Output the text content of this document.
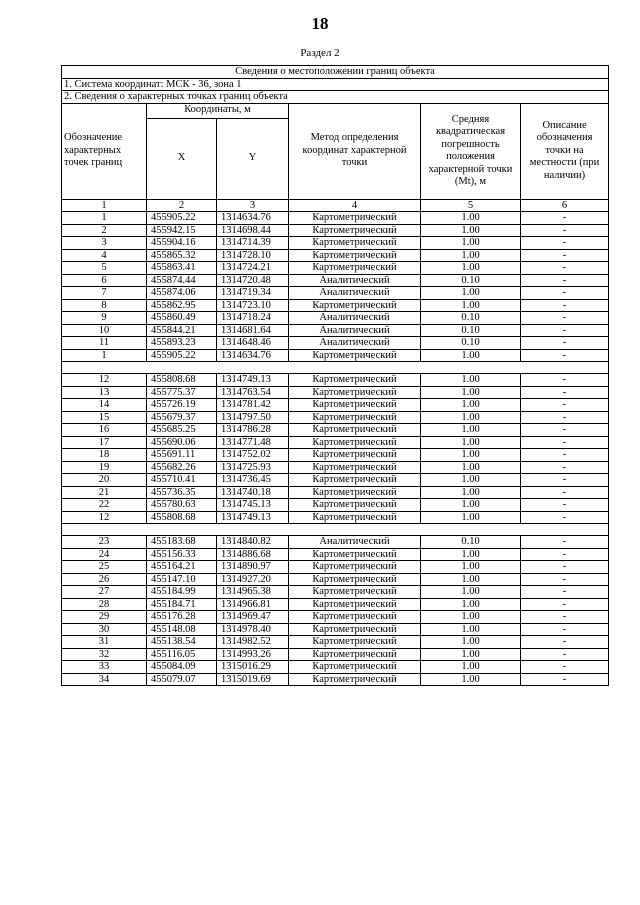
18
Раздел 2
Сведения о местоположении границ объекта					
1. Система координат: МСК - 36, зона 1					
2. Сведения о характерных точках границ объекта					
Обозначение характерных точек границ	Координаты, м		Метод определения координат характерной точки	Средняя квадратическая погрешность положения характерной точки (Mt), м	Описание обозначения точки на местности (при наличии)
	X	Y			
1	2	3	4	5	6
1	455905.22	1314634.76	Картометрический	1.00	-
2	455942.15	1314698.44	Картометрический	1.00	-
3	455904.16	1314714.39	Картометрический	1.00	-
4	455865.32	1314728.10	Картометрический	1.00	-
5	455863.41	1314724.21	Картометрический	1.00	-
6	455874.44	1314720.48	Аналитический	0.10	-
7	455874.06	1314719.34	Аналитический	1.00	-
8	455862.95	1314723.10	Картометрический	1.00	-
9	455860.49	1314718.24	Аналитический	0.10	-
10	455844.21	1314681.64	Аналитический	0.10	-
11	455893.23	1314648.46	Аналитический	0.10	-
1	455905.22	1314634.76	Картометрический	1.00	-

12	455808.68	1314749.13	Картометрический	1.00	-
13	455775.37	1314763.54	Картометрический	1.00	-
14	455726.19	1314781.42	Картометрический	1.00	-
15	455679.37	1314797.50	Картометрический	1.00	-
16	455685.25	1314786.28	Картометрический	1.00	-
17	455690.06	1314771.48	Картометрический	1.00	-
18	455691.11	1314752.02	Картометрический	1.00	-
19	455682.26	1314725.93	Картометрический	1.00	-
20	455710.41	1314736.45	Картометрический	1.00	-
21	455736.35	1314740.18	Картометрический	1.00	-
22	455780.63	1314745.13	Картометрический	1.00	-
12	455808.68	1314749.13	Картометрический	1.00	-

23	455183.68	1314840.82	Аналитический	0.10	-
24	455156.33	1314886.68	Картометрический	1.00	-
25	455164.21	1314890.97	Картометрический	1.00	-
26	455147.10	1314927.20	Картометрический	1.00	-
27	455184.99	1314965.38	Картометрический	1.00	-
28	455184.71	1314966.81	Картометрический	1.00	-
29	455176.28	1314969.47	Картометрический	1.00	-
30	455148.08	1314978.40	Картометрический	1.00	-
31	455138.54	1314982.52	Картометрический	1.00	-
32	455116.05	1314993.26	Картометрический	1.00	-
33	455084.09	1315016.29	Картометрический	1.00	-
34	455079.07	1315019.69	Картометрический	1.00	-
